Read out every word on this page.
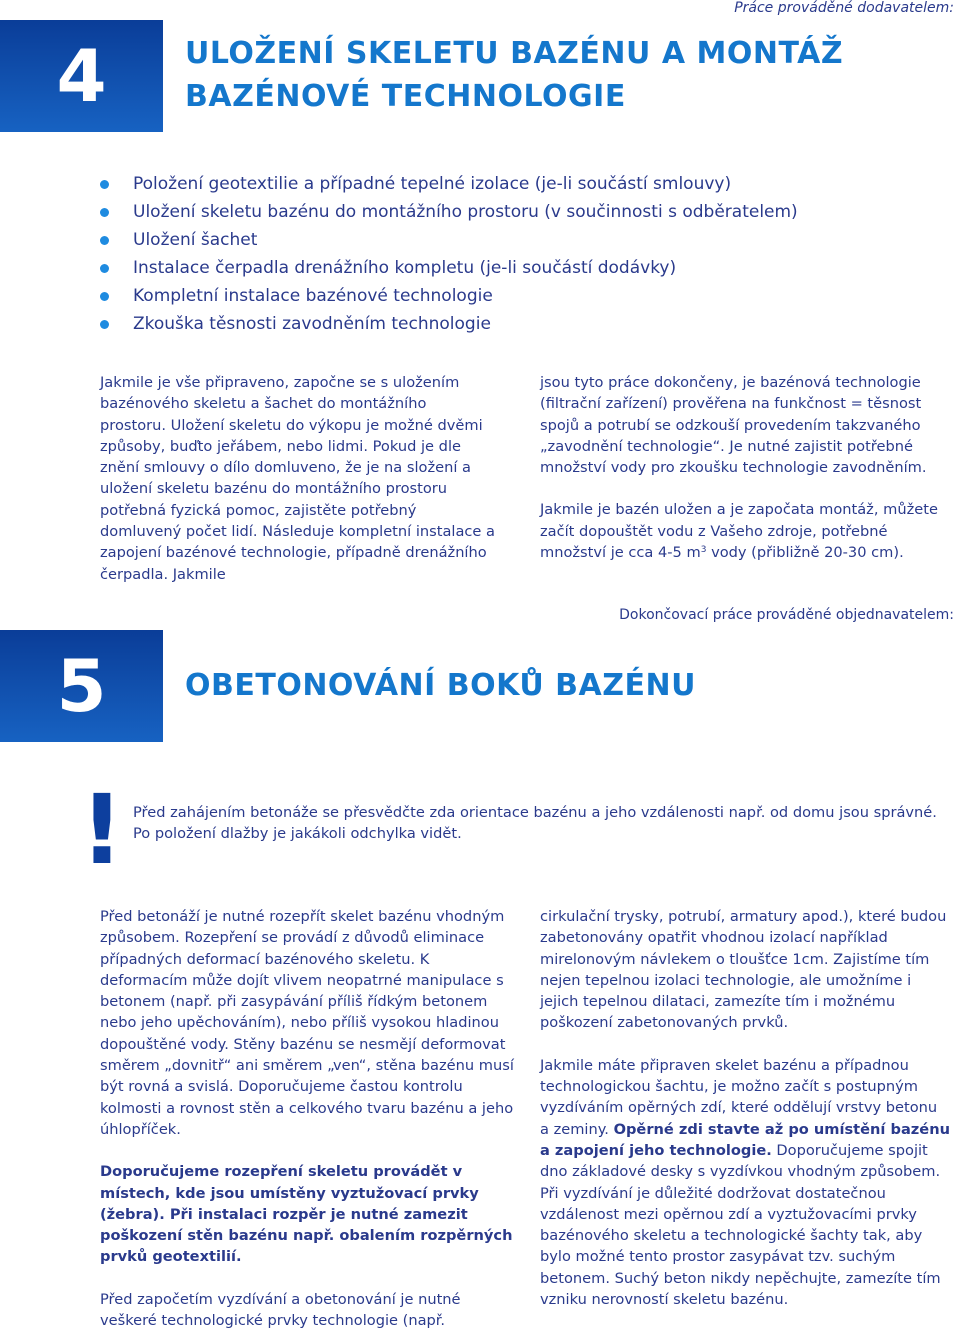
Práce prováděné dodavatelem:
4	ULOŽENÍ SKELETU BAZÉNU A MONTÁŽ
BAZÉNOVÉ TECHNOLOGIE
Položení geotextilie a případné tepelné izolace (je-li součástí smlouvy)
Uložení skeletu bazénu do montážního prostoru (v součinnosti s odběratelem)
Uložení šachet
Instalace čerpadla drenážního kompletu (je-li součástí dodávky)
Kompletní instalace bazénové technologie
Zkouška těsnosti zavodněním technologie

Jakmile je vše připraveno, započne se s uložením bazénového skeletu a šachet do montážního prostoru. Uložení skeletu do výkopu je možné dvěmi způsoby, buďto jeřábem, nebo lidmi. Pokud je dle znění smlouvy o dílo domluveno, že je na složení a uložení skeletu bazénu do montážního prostoru potřebná fyzická pomoc, zajistěte potřebný domluvený počet lidí. Následuje kompletní instalace a zapojení bazénové technologie, případně drenážního čerpadla. Jakmile

jsou tyto práce dokončeny, je bazénová technologie (filtrační zařízení) prověřena na funkčnost = těsnost spojů a potrubí se odzkouší provedením takzvaného „zavodnění technologie“. Je nutné zajistit potřebné množství vody pro zkoušku technologie zavodněním.

Jakmile je bazén uložen a je započata montáž, můžete začít dopouštět vodu z Vašeho zdroje, potřebné množství je cca 4-5 $m^3$ vody (přibližně 20-30 cm).

Dokončovací práce prováděné objednavatelem:
5	OBETONOVÁNÍ BOKŮ BAZÉNU
! Před zahájením betonáže se přesvědčte zda orientace bazénu a jeho vzdálenosti např. od domu jsou správné.

Po položení dlažby je jakákoli odchylka vidět.

Před betonáží je nutné rozepřít skelet bazénu vhodným způsobem. Rozepření se provádí z důvodů eliminace případných deformací bazénového skeletu. K deformacím může dojít vlivem neopatrné manipulace s betonem (např. při zasypávání příliš řídkým betonem nebo jeho upěchováním), nebo příliš vysokou hladinou dopouštěné vody. Stěny bazénu se nesmějí deformovat směrem „dovnitř“ ani směrem „ven“, stěna bazénu musí být rovná a svislá. Doporučujeme častou kontrolu kolmosti a rovnost stěn a celkového tvaru bazénu a jeho úhlopříček.

Doporučujeme rozepření skeletu provádět v místech, kde jsou umístěny vyztužovací prvky (žebra). Při instalaci rozpěr je nutné zamezit poškození stěn bazénu např. obalením rozpěrných prvků geotextilií.

Před započetím vyzdívání a obetonování je nutné veškeré technologické prvky technologie (např.

cirkulační trysky, potrubí, armatury apod.), které budou zabetonovány opatřit vhodnou izolací například mirelonovým návlekem o tloušťce 1cm. Zajistíme tím nejen tepelnou izolaci technologie, ale umožníme i jejich tepelnou dilataci, zamezíte tím i možnému poškození zabetonovaných prvků.

Jakmile máte připraven skelet bazénu a případnou technologickou šachtu, je možno začít s postupným vyzdíváním opěrných zdí, které oddělují vrstvy betonu a zeminy. Opěrné zdi stavte až po umístění bazénu a zapojení jeho technologie. Doporučujeme spojit dno základové desky s vyzdívkou vhodným způsobem. Při vyzdívání je důležité dodržovat dostatečnou vzdálenost mezi opěrnou zdí a vyztužovacími prvky bazénového skeletu a technologické šachty tak, aby bylo možné tento prostor zasypávat tzv. suchým betonem. Suchý beton nikdy nepěchujte, zamezíte tím vzniku nerovností skeletu bazénu.
